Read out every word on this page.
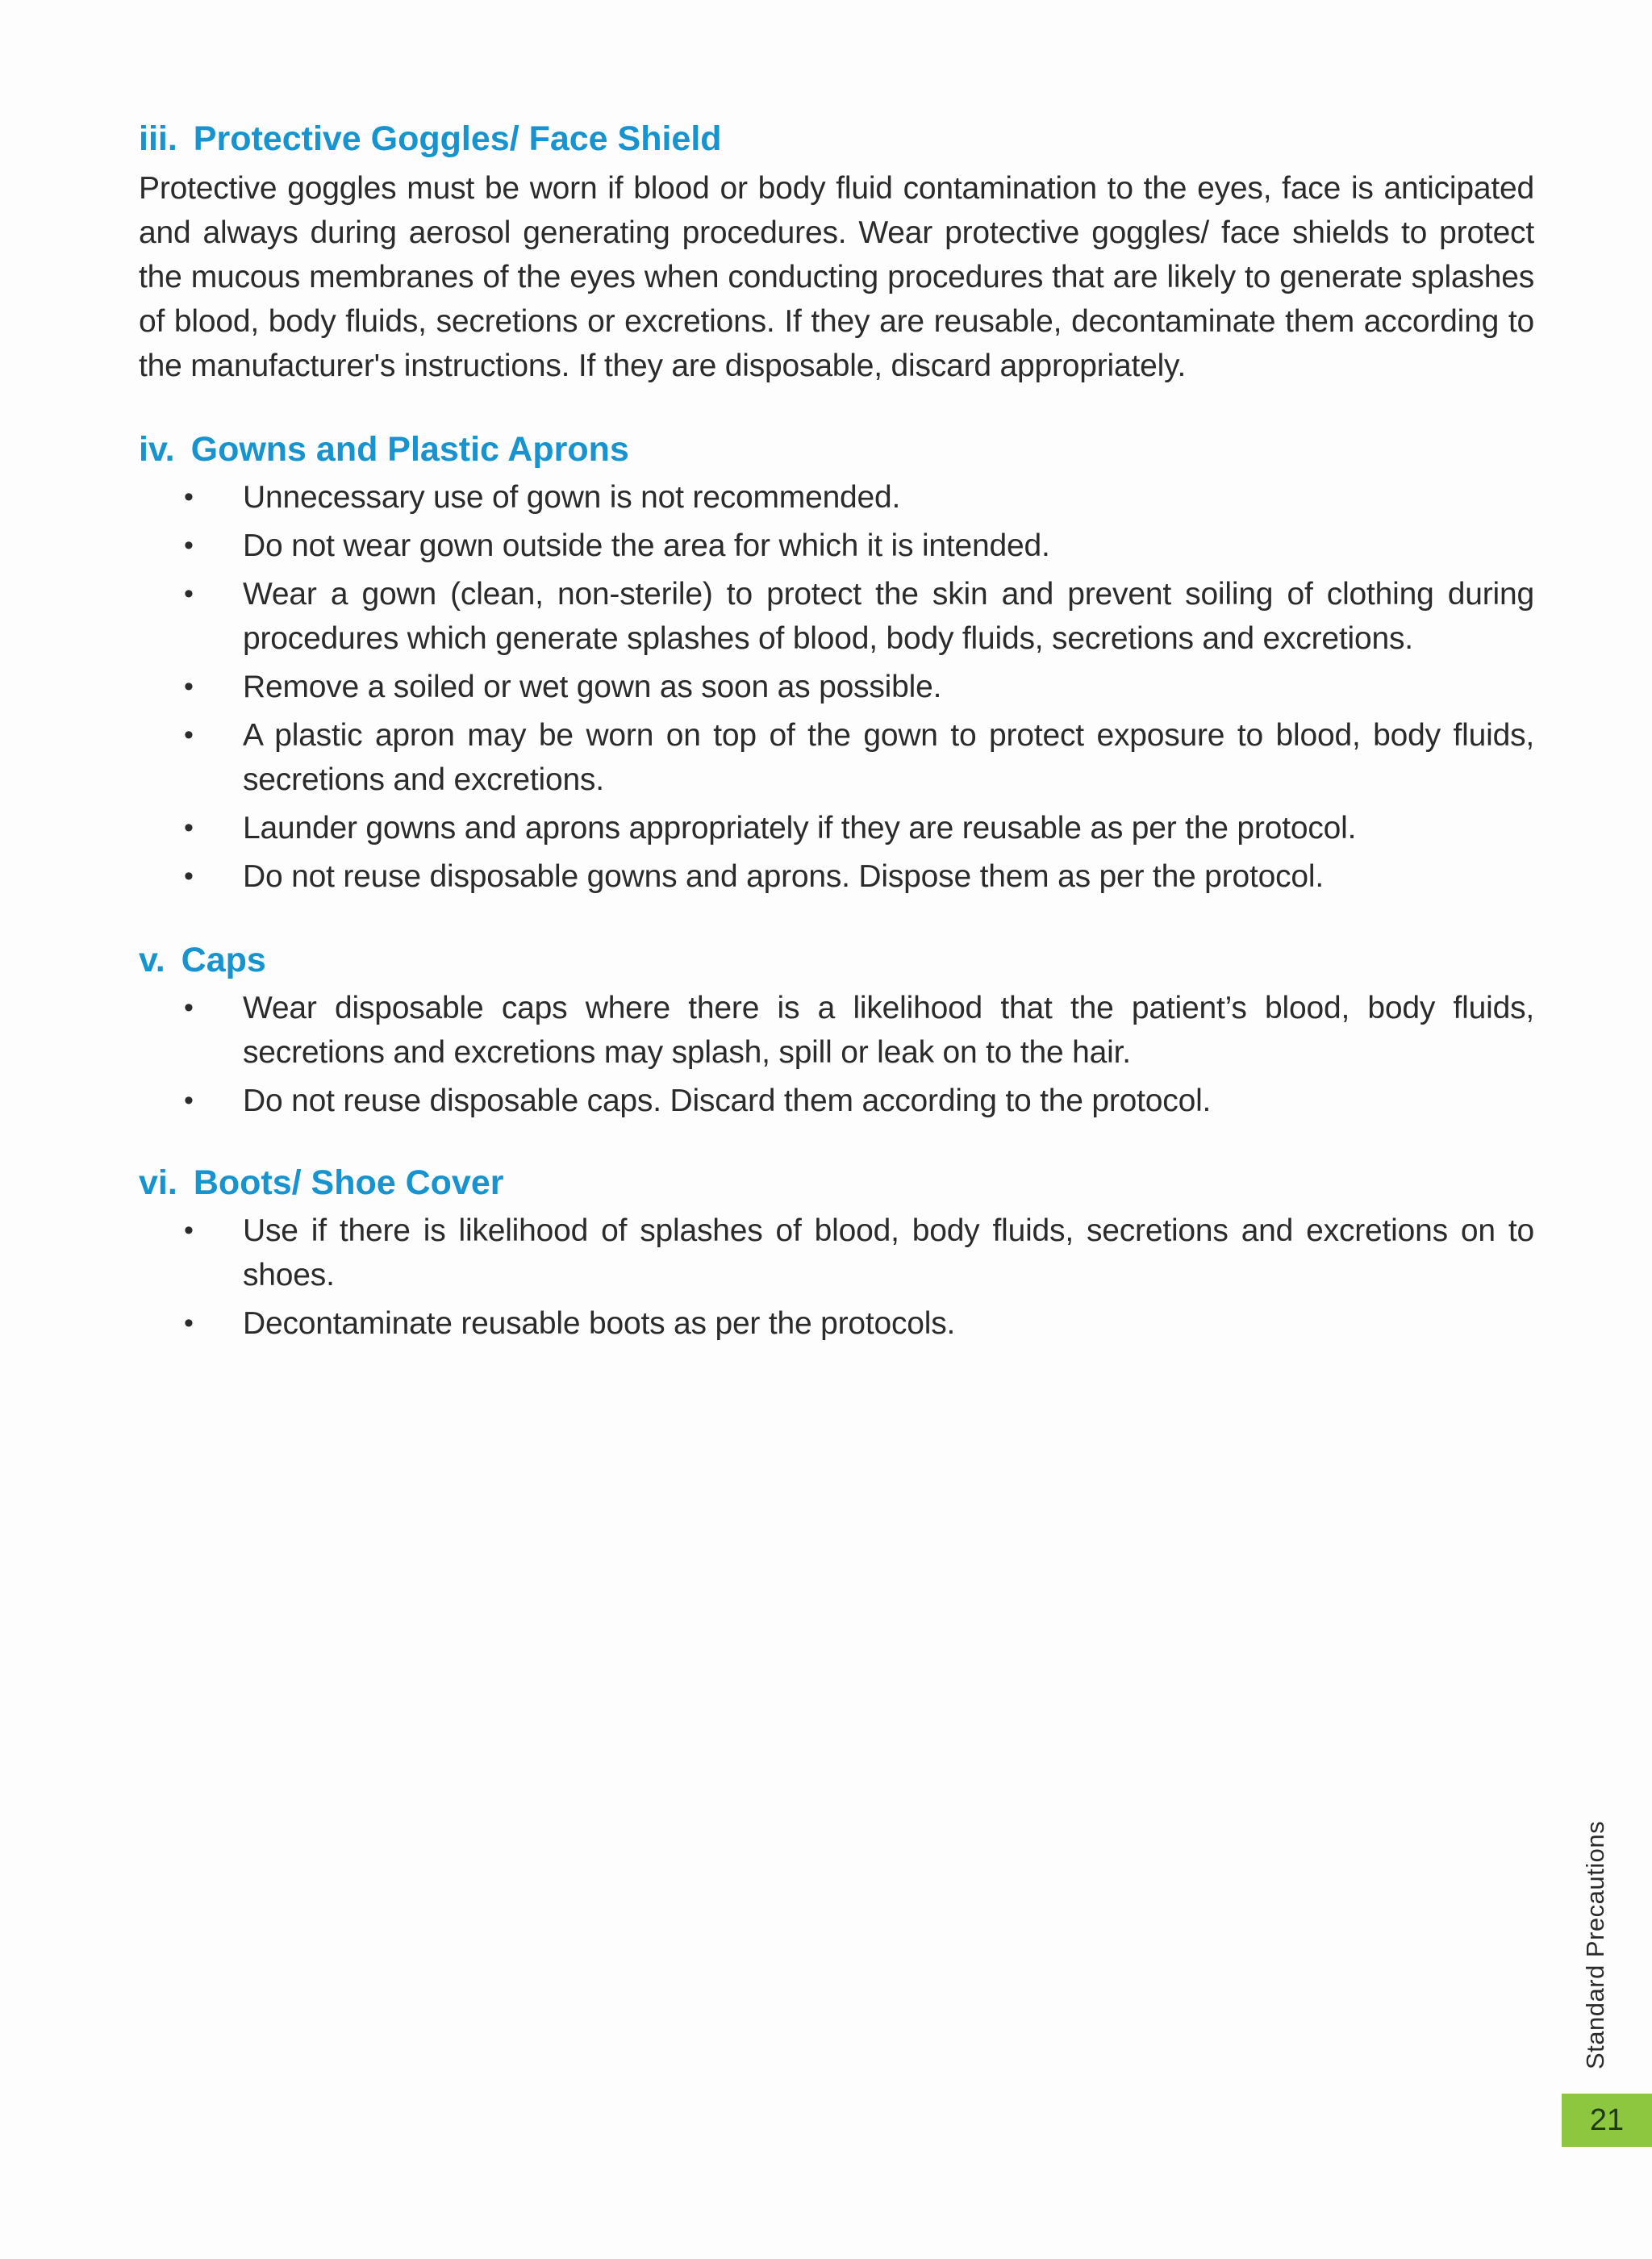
iii. Protective Goggles/ Face Shield

Protective goggles must be worn if blood or body fluid contamination to the eyes, face is anticipated and always during aerosol generating procedures. Wear protective goggles/ face shields to protect the mucous membranes of the eyes when conducting procedures that are likely to generate splashes of blood, body fluids, secretions or excretions. If they are reusable, decontaminate them according to the manufacturer's instructions. If they are disposable, discard appropriately.

iv. Gowns and Plastic Aprons
• Unnecessary use of gown is not recommended.
• Do not wear gown outside the area for which it is intended.
• Wear a gown (clean, non-sterile) to protect the skin and prevent soiling of clothing during procedures which generate splashes of blood, body fluids, secretions and excretions.
• Remove a soiled or wet gown as soon as possible.
• A plastic apron may be worn on top of the gown to protect exposure to blood, body fluids, secretions and excretions.
• Launder gowns and aprons appropriately if they are reusable as per the protocol.
• Do not reuse disposable gowns and aprons. Dispose them as per the protocol.
v. Caps
• Wear disposable caps where there is a likelihood that the patient’s blood, body fluids, secretions and excretions may splash, spill or leak on to the hair.
• Do not reuse disposable caps. Discard them according to the protocol.
vi. Boots/ Shoe Cover
• Use if there is likelihood of splashes of blood, body fluids, secretions and excretions on to shoes.
• Decontaminate reusable boots as per the protocols.
Standard Precautions
21
